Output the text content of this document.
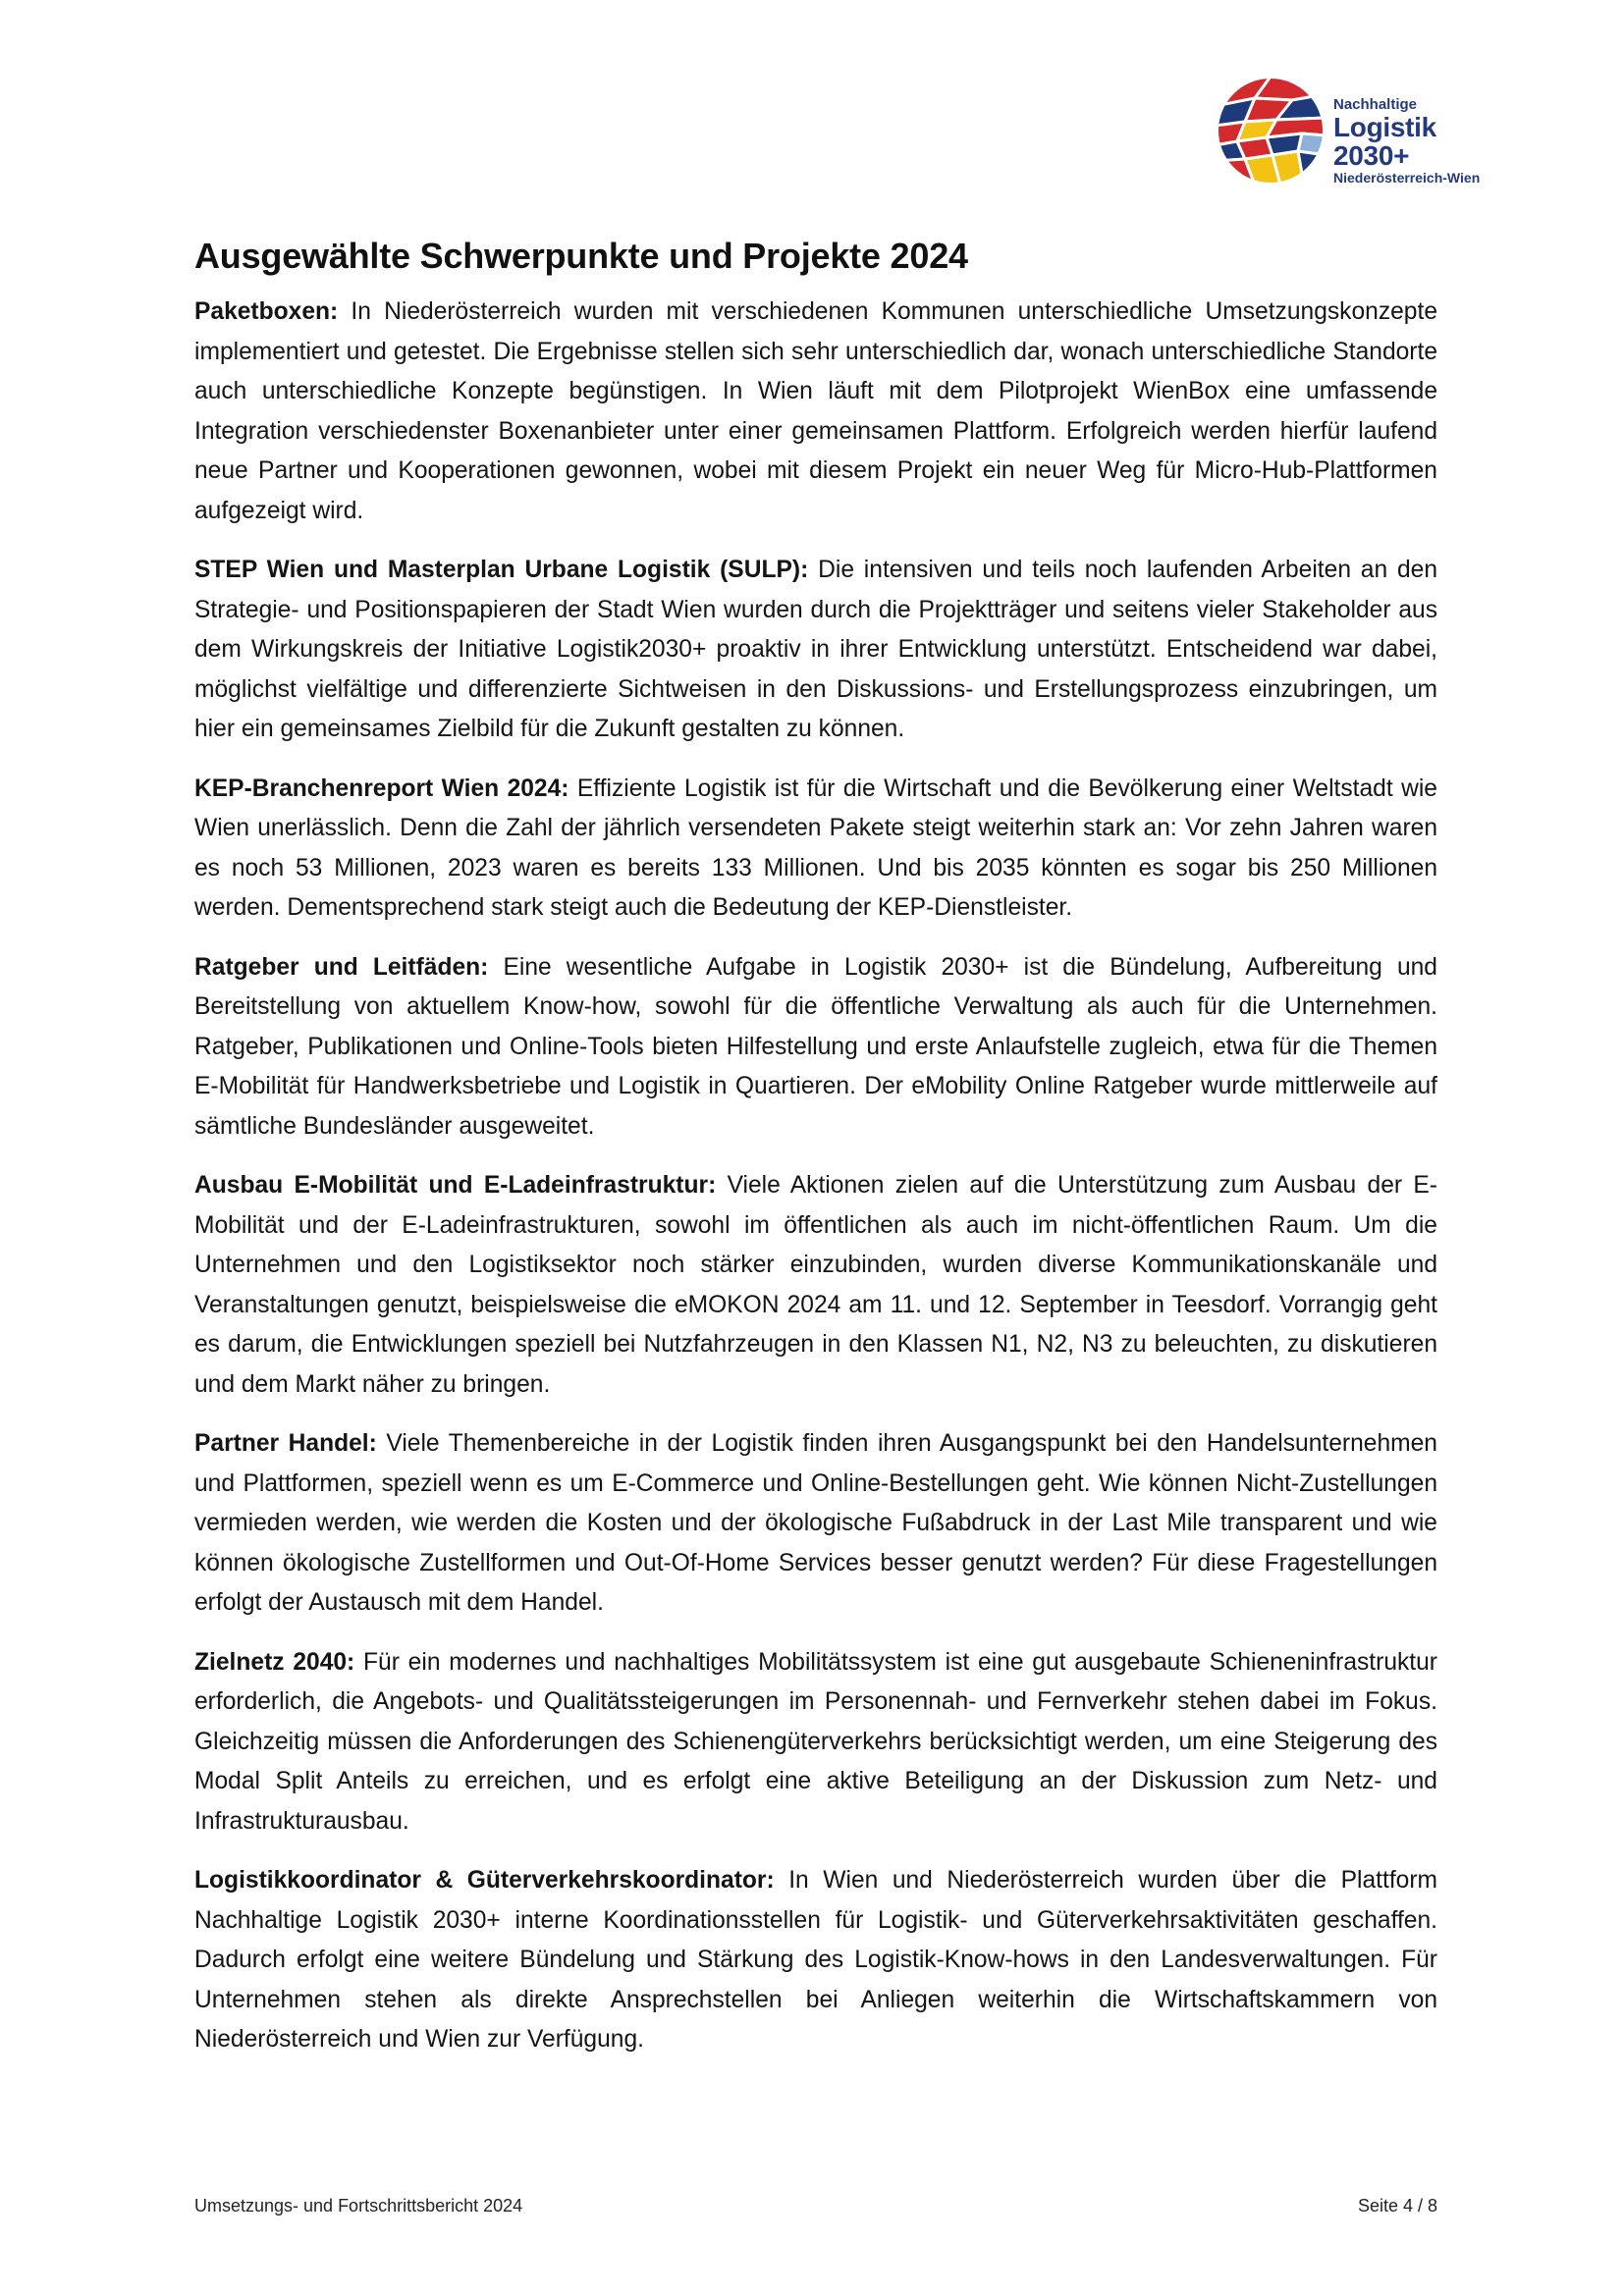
Nachhaltige
Logistik 2030+
Niederösterreich-Wien
Ausgewählte Schwerpunkte und Projekte 2024

Paketboxen: In Niederösterreich wurden mit verschiedenen Kommunen unterschiedliche Umsetzungskonzepte implementiert und getestet. Die Ergebnisse stellen sich sehr unterschiedlich dar, wonach unterschiedliche Standorte auch unterschiedliche Konzepte begünstigen. In Wien läuft mit dem Pilotprojekt WienBox eine umfassende Integration verschiedenster Boxenanbieter unter einer gemeinsamen Plattform. Erfolgreich werden hierfür laufend neue Partner und Kooperationen gewonnen, wobei mit diesem Projekt ein neuer Weg für Micro-Hub-Plattformen aufgezeigt wird.

STEP Wien und Masterplan Urbane Logistik (SULP): Die intensiven und teils noch laufenden Arbeiten an den Strategie- und Positionspapieren der Stadt Wien wurden durch die Projektträger und seitens vieler Stakeholder aus dem Wirkungskreis der Initiative Logistik2030+ proaktiv in ihrer Entwicklung unterstützt. Entscheidend war dabei, möglichst vielfältige und differenzierte Sichtweisen in den Diskussions- und Erstellungsprozess einzubringen, um hier ein gemeinsames Zielbild für die Zukunft gestalten zu können.

KEP-Branchenreport Wien 2024: Effiziente Logistik ist für die Wirtschaft und die Bevölkerung einer Weltstadt wie Wien unerlässlich. Denn die Zahl der jährlich versendeten Pakete steigt weiterhin stark an: Vor zehn Jahren waren es noch 53 Millionen, 2023 waren es bereits 133 Millionen. Und bis 2035 könnten es sogar bis 250 Millionen werden. Dementsprechend stark steigt auch die Bedeutung der KEP-Dienstleister.

Ratgeber und Leitfäden: Eine wesentliche Aufgabe in Logistik 2030+ ist die Bündelung, Aufbereitung und Bereitstellung von aktuellem Know-how, sowohl für die öffentliche Verwaltung als auch für die Unternehmen. Ratgeber, Publikationen und Online-Tools bieten Hilfestellung und erste Anlaufstelle zugleich, etwa für die Themen E-Mobilität für Handwerksbetriebe und Logistik in Quartieren. Der eMobility Online Ratgeber wurde mittlerweile auf sämtliche Bundesländer ausgeweitet.

Ausbau E-Mobilität und E-Ladeinfrastruktur: Viele Aktionen zielen auf die Unterstützung zum Ausbau der E-Mobilität und der E-Ladeinfrastrukturen, sowohl im öffentlichen als auch im nicht-öffentlichen Raum. Um die Unternehmen und den Logistiksektor noch stärker einzubinden, wurden diverse Kommunikationskanäle und Veranstaltungen genutzt, beispielsweise die eMOKON 2024 am 11. und 12. September in Teesdorf. Vorrangig geht es darum, die Entwicklungen speziell bei Nutzfahrzeugen in den Klassen N1, N2, N3 zu beleuchten, zu diskutieren und dem Markt näher zu bringen.

Partner Handel: Viele Themenbereiche in der Logistik finden ihren Ausgangspunkt bei den Handelsunternehmen und Plattformen, speziell wenn es um E-Commerce und Online-Bestellungen geht. Wie können Nicht-Zustellungen vermieden werden, wie werden die Kosten und der ökologische Fußabdruck in der Last Mile transparent und wie können ökologische Zustellformen und Out-Of-Home Services besser genutzt werden? Für diese Fragestellungen erfolgt der Austausch mit dem Handel.

Zielnetz 2040: Für ein modernes und nachhaltiges Mobilitätssystem ist eine gut ausgebaute Schieneninfrastruktur erforderlich, die Angebots- und Qualitätssteigerungen im Personennah- und Fernverkehr stehen dabei im Fokus. Gleichzeitig müssen die Anforderungen des Schienengüterverkehrs berücksichtigt werden, um eine Steigerung des Modal Split Anteils zu erreichen, und es erfolgt eine aktive Beteiligung an der Diskussion zum Netz- und Infrastrukturausbau.

Logistikkoordinator & Güterverkehrskoordinator: In Wien und Niederösterreich wurden über die Plattform Nachhaltige Logistik 2030+ interne Koordinationsstellen für Logistik- und Güterverkehrsaktivitäten geschaffen. Dadurch erfolgt eine weitere Bündelung und Stärkung des Logistik-Know-hows in den Landesverwaltungen. Für Unternehmen stehen als direkte Ansprechstellen bei Anliegen weiterhin die Wirtschaftskammern von Niederösterreich und Wien zur Verfügung.

Umsetzungs- und Fortschrittsbericht 2024	Seite 4 / 8
